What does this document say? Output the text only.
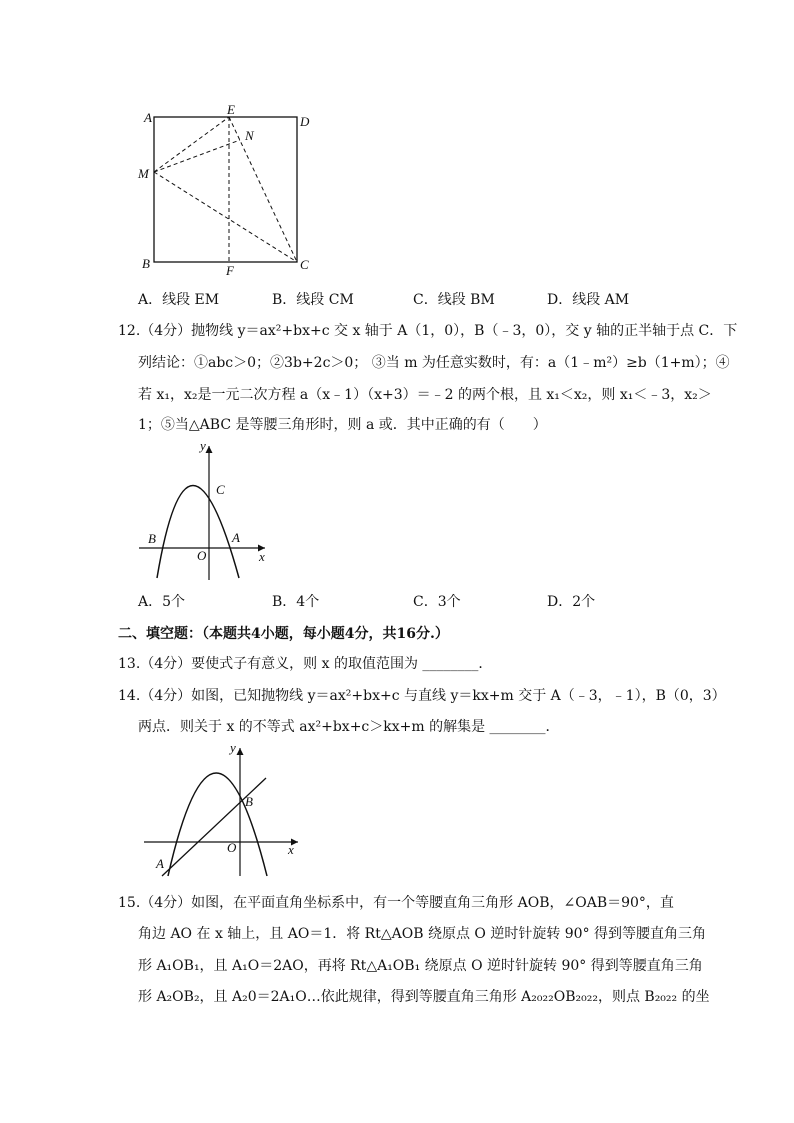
A
E
D
N
M
B	F	C
A．线段 EM	B．线段 CM	C．线段 BM	D．线段 AM
12.（4分）抛物线 y＝ax²+bx+c 交 x 轴于 A（1，0），B（﹣3，0），交 y 轴的正半轴于点 C．下
列结论：①abc＞0；②3b+2c＞0； ③当 m 为任意实数时，有：a（1﹣m²）≥b（1+m）；④
若 x₁，x₂是一元二次方程 a（x﹣1）（x+3）＝﹣2 的两个根，且 x₁＜x₂，则 x₁＜﹣3，x₂＞
1；⑤当△ABC 是等腰三角形时，则 a 或．其中正确的有（　　）
y
C
B
O
A
x
A．5个	B．4个	C．3个	D．2个
二、填空题：（本题共4小题，每小题4分，共16分.）
13.（4分）要使式子有意义，则 x 的取值范围为 ________．
14.（4分）如图，已知抛物线 y＝ax²+bx+c 与直线 y＝kx+m 交于 A（﹣3，﹣1），B（0，3）
两点．则关于 x 的不等式 ax²+bx+c＞kx+m 的解集是 ________．
y
B
A
O	x
15.（4分）如图，在平面直角坐标系中，有一个等腰直角三角形 AOB，∠OAB＝90°，直
角边 AO 在 x 轴上，且 AO＝1．将 Rt△AOB 绕原点 O 逆时针旋转 90° 得到等腰直角三角
形 A₁OB₁，且 A₁O＝2AO，再将 Rt△A₁OB₁ 绕原点 O 逆时针旋转 90° 得到等腰直角三角
形 A₂OB₂，且 A₂0＝2A₁O…依此规律，得到等腰直角三角形 A₂₀₂₂OB₂₀₂₂，则点 B₂₀₂₂ 的坐
